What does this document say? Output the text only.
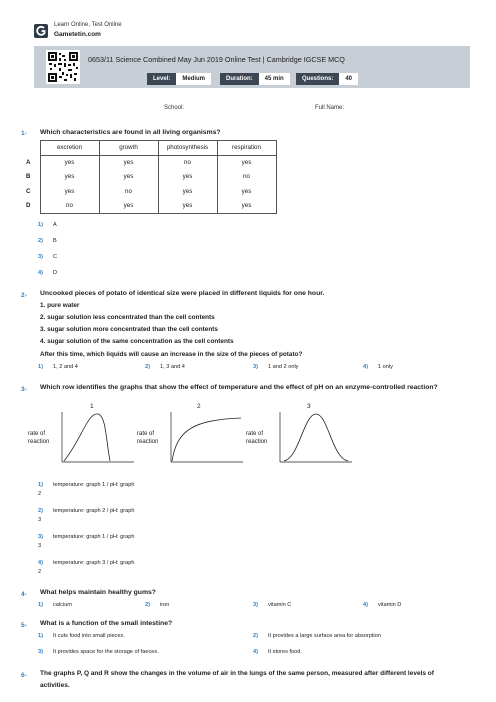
Learn Online, Test Online
Gametetin.com
0653/11 Science Combined May Jun 2019 Online Test | Cambridge IGCSE MCQ
Level:	Medium	Duration:	45 min	Questions:	40
School:	Full Name:
1- Which characteristics are found in all living organisms?
	excretion	growth	photosynthesis	respiration
A	yes	yes	no	yes
B	yes	yes	yes	no
C	yes	no	yes	yes
D	no	yes	yes	yes
1) A
2) B
3) C
4) D
2- Uncooked pieces of potato of identical size were placed in different liquids for one hour.
1. pure water
2. sugar solution less concentrated than the cell contents
3. sugar solution more concentrated than the cell contents
4. sugar solution of the same concentration as the cell contents
After this time, which liquids will cause an increase in the size of the pieces of potato?
1) 1, 2 and 4	2) 1, 3 and 4	3) 1 and 2 only	4) 1 only
3- Which row identifies the graphs that show the effect of temperature and the effect of pH on an enzyme-controlled reaction?
1
rate of
reaction
2
rate of
reaction
3
rate of
reaction
1) temperature: graph 1 / pH: graph
2
2) temperature: graph 2 / pH: graph
3
3) temperature: graph 1 / pH: graph
3
4) temperature: graph 3 / pH: graph
2
4- What helps maintain healthy gums?
1) calcium	2) iron	3) vitamin C	4) vitamin D
5- What is a function of the small intestine?
1) It cuts food into small pieces.	2) It provides a large surface area for absorption
3) It provides space for the storage of faeces.	4) It stores food.
6- The graphs P, Q and R show the changes in the volume of air in the lungs of the same person, measured after different levels of
activities.
